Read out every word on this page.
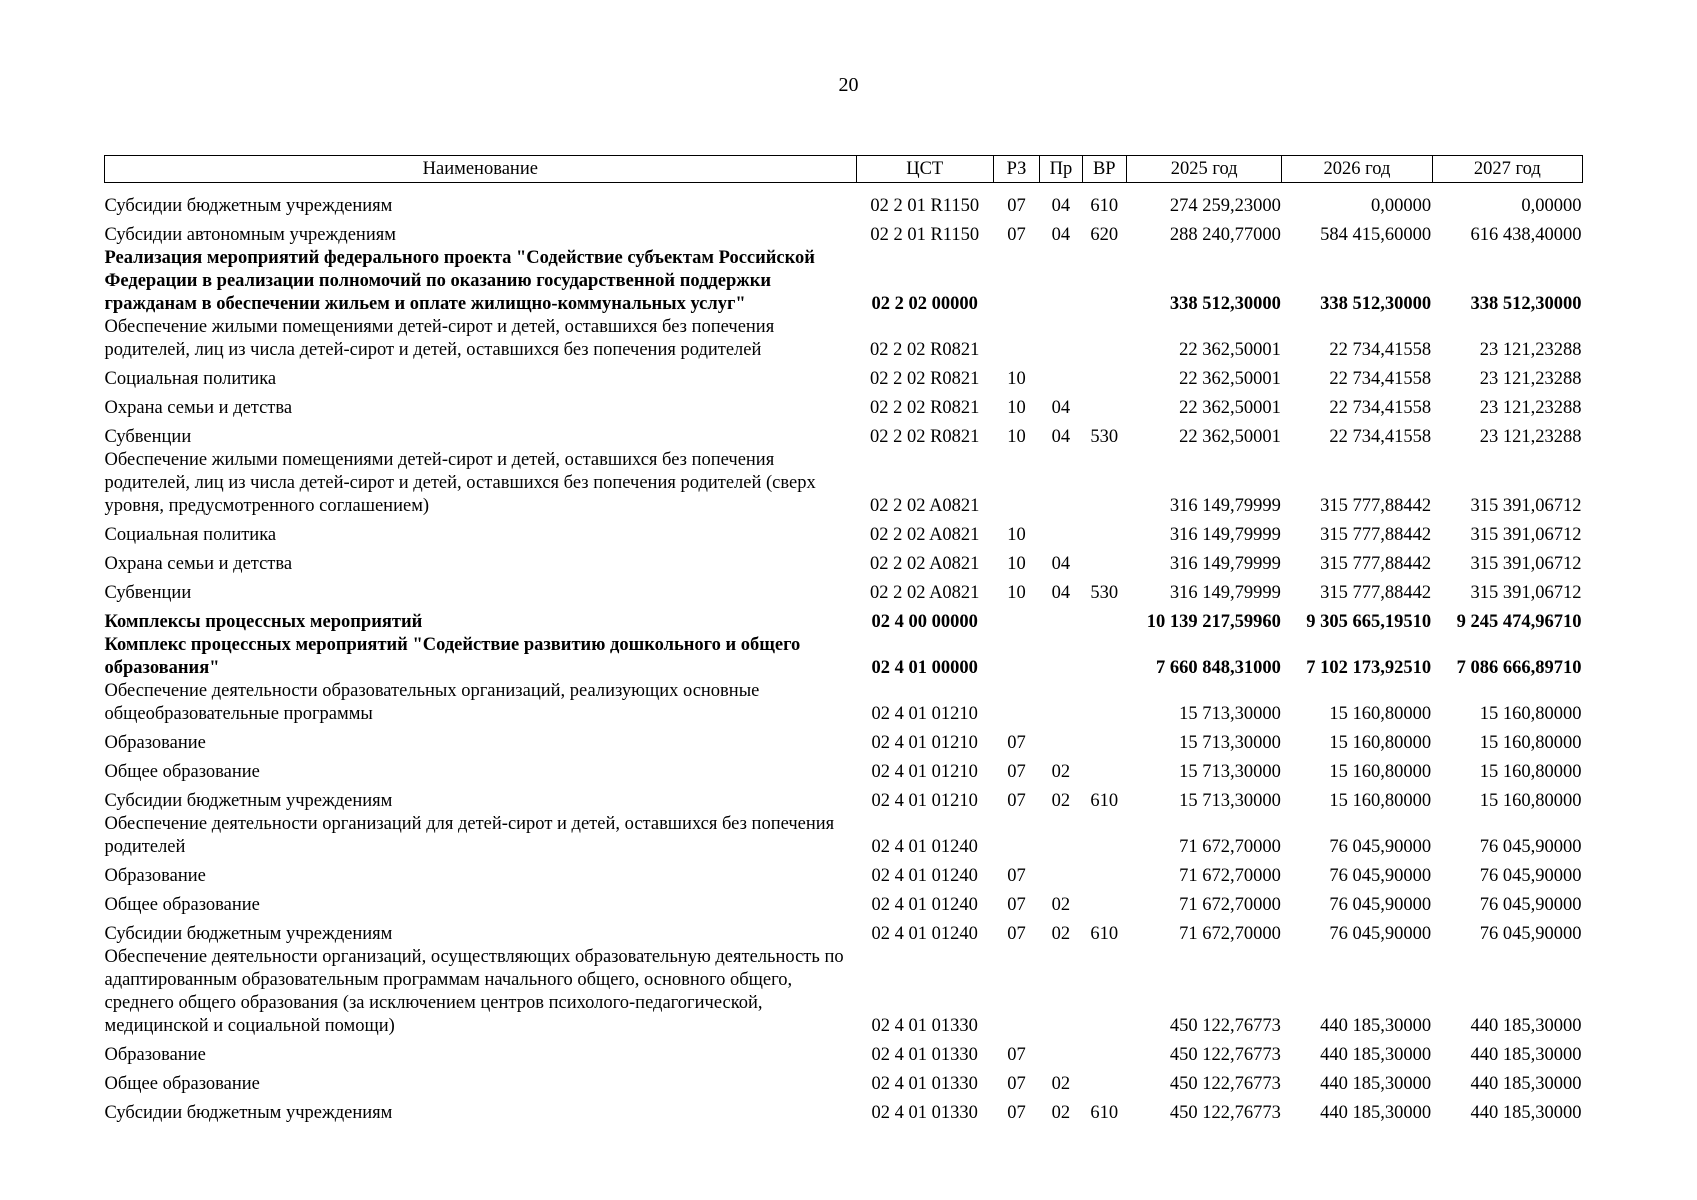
20
Наименование	ЦСТ	РЗ	Пр	ВР	2025 год	2026 год	2027 год
Субсидии бюджетным учреждениям	02 2 01 R1150	07	04	610	274 259,23000	0,00000	0,00000
Субсидии автономным учреждениям	02 2 01 R1150	07	04	620	288 240,77000	584 415,60000	616 438,40000
Реализация мероприятий федерального проекта "Содействие субъектам Российской Федерации в реализации полномочий по оказанию государственной поддержки гражданам в обеспечении жильем и оплате жилищно-коммунальных услуг"	02 2 02 00000				338 512,30000	338 512,30000	338 512,30000
Обеспечение жилыми помещениями детей-сирот и детей, оставшихся без попечения родителей, лиц из числа детей-сирот и детей, оставшихся без попечения родителей	02 2 02 R0821				22 362,50001	22 734,41558	23 121,23288
Социальная политика	02 2 02 R0821	10			22 362,50001	22 734,41558	23 121,23288
Охрана семьи и детства	02 2 02 R0821	10	04		22 362,50001	22 734,41558	23 121,23288
Субвенции	02 2 02 R0821	10	04	530	22 362,50001	22 734,41558	23 121,23288
Обеспечение жилыми помещениями детей-сирот и детей, оставшихся без попечения родителей, лиц из числа детей-сирот и детей, оставшихся без попечения родителей (сверх уровня, предусмотренного соглашением)	02 2 02 A0821				316 149,79999	315 777,88442	315 391,06712
Социальная политика	02 2 02 A0821	10			316 149,79999	315 777,88442	315 391,06712
Охрана семьи и детства	02 2 02 A0821	10	04		316 149,79999	315 777,88442	315 391,06712
Субвенции	02 2 02 A0821	10	04	530	316 149,79999	315 777,88442	315 391,06712
Комплексы процессных мероприятий	02 4 00 00000				10 139 217,59960	9 305 665,19510	9 245 474,96710
Комплекс процессных мероприятий "Содействие развитию дошкольного и общего образования"	02 4 01 00000				7 660 848,31000	7 102 173,92510	7 086 666,89710
Обеспечение деятельности образовательных организаций, реализующих основные общеобразовательные программы	02 4 01 01210				15 713,30000	15 160,80000	15 160,80000
Образование	02 4 01 01210	07			15 713,30000	15 160,80000	15 160,80000
Общее образование	02 4 01 01210	07	02		15 713,30000	15 160,80000	15 160,80000
Субсидии бюджетным учреждениям	02 4 01 01210	07	02	610	15 713,30000	15 160,80000	15 160,80000
Обеспечение деятельности организаций для детей-сирот и детей, оставшихся без попечения родителей	02 4 01 01240				71 672,70000	76 045,90000	76 045,90000
Образование	02 4 01 01240	07			71 672,70000	76 045,90000	76 045,90000
Общее образование	02 4 01 01240	07	02		71 672,70000	76 045,90000	76 045,90000
Субсидии бюджетным учреждениям	02 4 01 01240	07	02	610	71 672,70000	76 045,90000	76 045,90000
Обеспечение деятельности организаций, осуществляющих образовательную деятельность по адаптированным образовательным программам начального общего, основного общего, среднего общего образования (за исключением центров психолого-педагогической, медицинской и социальной помощи)	02 4 01 01330				450 122,76773	440 185,30000	440 185,30000
Образование	02 4 01 01330	07			450 122,76773	440 185,30000	440 185,30000
Общее образование	02 4 01 01330	07	02		450 122,76773	440 185,30000	440 185,30000
Субсидии бюджетным учреждениям	02 4 01 01330	07	02	610	450 122,76773	440 185,30000	440 185,30000
